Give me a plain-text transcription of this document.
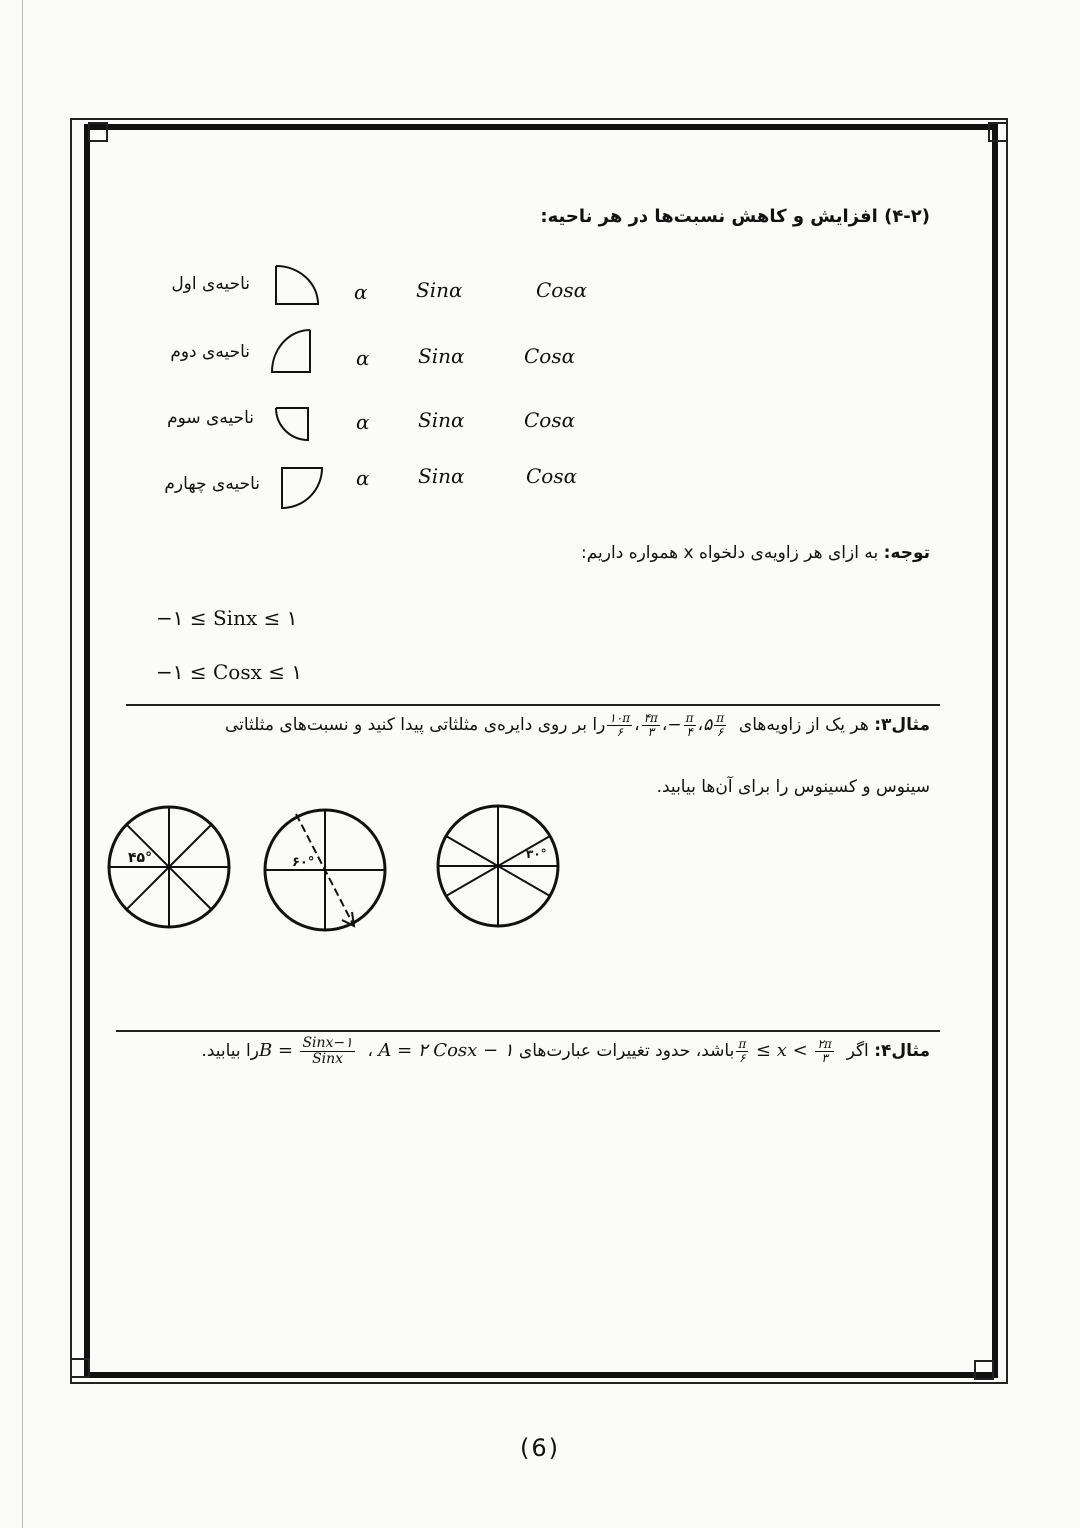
(۴-۲) افزایش و کاهش نسبت‌ها در هر ناحیه:
ناحیه‌ی اول	α Sinα	Cosα
ناحیه‌ی دوم	α Sinα	Cosα
ناحیه‌ی سوم	α Sinα	Cosα
ناحیه‌ی چهارم	α Sinα	Cosα
توجه: به ازای هر زاویه‌ی دلخواه x همواره داریم:
−۱ ≤ Sinx ≤ ۱
−۱ ≤ Cosx ≤ ۱
مثال۳: هر یک از زاویه‌های
$\frac{۱۰\pi}{۶}$ ، $\frac{۴\pi}{۳}$ ،− $\frac{\pi}{۴}$ ،۵ $\frac{\pi}{۶}$
را بر روی دایره‌ی مثلثاتی پیدا کنید و نسبت‌های مثلثاتی
سینوس و کسینوس را برای آن‌ها بیابید.
۴۵°	۶۰°
۳۰°
مثال۴: اگر
$\frac{\pi}{۶} \le x < \frac{۲\pi}{۳}$
باشد، حدود تغییرات عبارت‌های A = ۲ Cosx − ۱ ، $B = \frac{\text{Sinx−۱}}{\text{Sinx}}$
را بیابید.
(6)
